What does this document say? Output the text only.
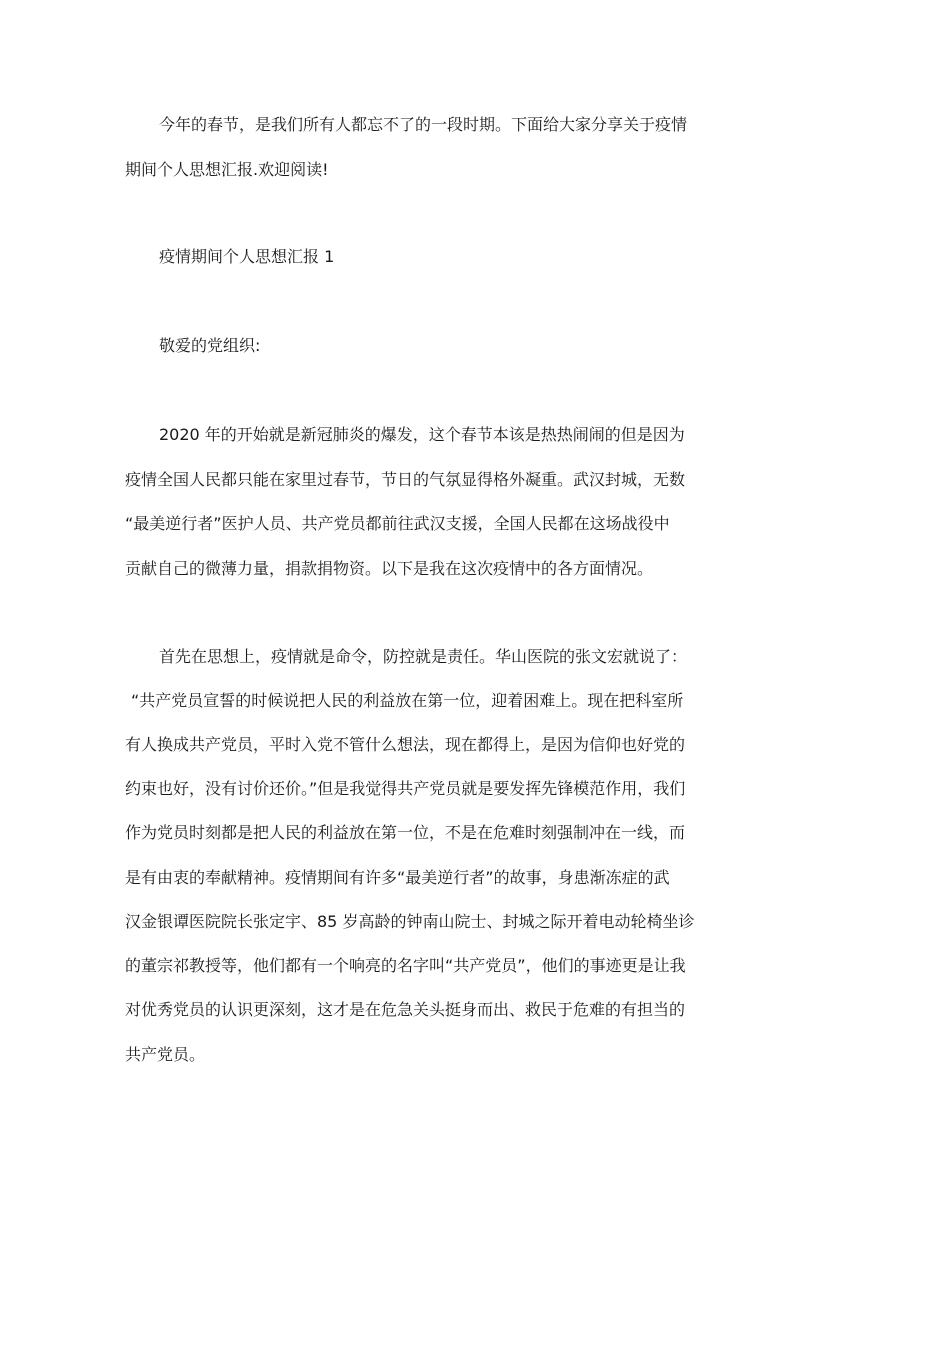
今年的春节，是我们所有人都忘不了的一段时期。下面给大家分享关于疫情
期间个人思想汇报.欢迎阅读!
疫情期间个人思想汇报 1
敬爱的党组织:
2020 年的开始就是新冠肺炎的爆发，这个春节本该是热热闹闹的但是因为
疫情全国人民都只能在家里过春节，节日的气氛显得格外凝重。武汉封城，无数
“最美逆行者”医护人员、共产党员都前往武汉支援，全国人民都在这场战役中
贡献自己的微薄力量，捐款捐物资。以下是我在这次疫情中的各方面情况。
首先在思想上，疫情就是命令，防控就是责任。华山医院的张文宏就说了：
“共产党员宣誓的时候说把人民的利益放在第一位，迎着困难上。现在把科室所
有人换成共产党员，平时入党不管什么想法，现在都得上，是因为信仰也好党的
约束也好，没有讨价还价。”但是我觉得共产党员就是要发挥先锋模范作用，我们
作为党员时刻都是把人民的利益放在第一位，不是在危难时刻强制冲在一线，而
是有由衷的奉献精神。疫情期间有许多“最美逆行者”的故事，身患渐冻症的武
汉金银谭医院院长张定宇、85 岁高龄的钟南山院士、封城之际开着电动轮椅坐诊
的董宗祁教授等，他们都有一个响亮的名字叫“共产党员”，他们的事迹更是让我
对优秀党员的认识更深刻，这才是在危急关头挺身而出、救民于危难的有担当的
共产党员。
